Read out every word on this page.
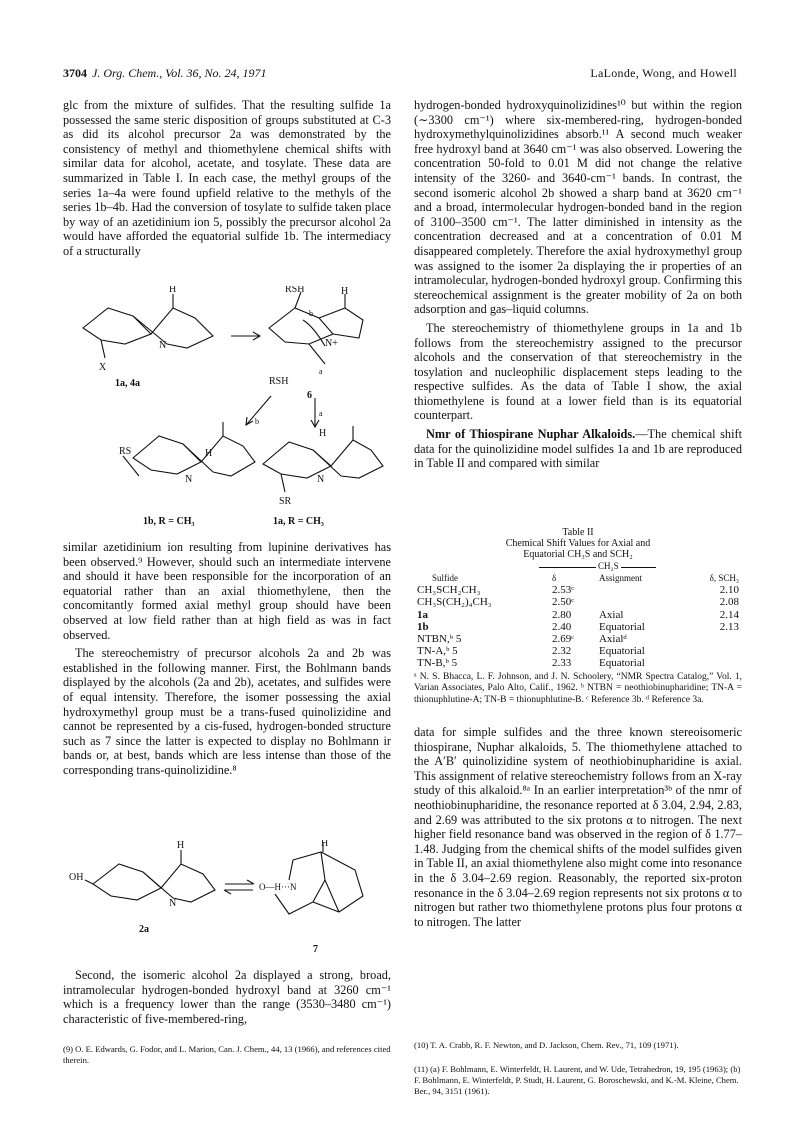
3704 J. Org. Chem., Vol. 36, No. 24, 1971	LaLonde, Wong, and Howell

glc from the mixture of sulfides. That the resulting sulfide 1a possessed the same steric disposition of groups substituted at C-3 as did its alcohol precursor 2a was demonstrated by the consistency of methyl and thiomethylene chemical shifts with similar data for alcohol, acetate, and tosylate. These data are summarized in Table I. In each case, the methyl groups of the series 1a–4a were found upfield relative to the methyls of the series 1b–4b. Had the conversion of tosylate to sulfide taken place by way of an azetidinium ion 5, possibly the precursor alcohol 2a would have afforded the equatorial sulfide 1b. The intermediacy of a structurally

H
N
X
RSH	H
b
N+
a
RSH
a
b
H
N
RS
H
N
SR
1a, 4a
6
1b, R = CH₃	1a, R = CH₃

similar azetidinium ion resulting from lupinine derivatives has been observed.⁹ However, should such an intermediate intervene and should it have been responsible for the incorporation of an equatorial rather than an axial thiomethylene, then the concomitantly formed axial methyl group should have been observed at low field rather than at high field as was in fact observed.

The stereochemistry of precursor alcohols 2a and 2b was established in the following manner. First, the Bohlmann bands displayed by the alcohols (2a and 2b), acetates, and sulfides were of equal intensity. Therefore, the isomer possessing the axial hydroxymethyl group must be a trans-fused quinolizidine and cannot be represented by a cis-fused, hydrogen-bonded structure such as 7 since the latter is expected to display no Bohlmann ir bands or, at best, bands which are less intense than those of the corresponding trans-quinolizidine.⁸

OH
H
N
H
O—H···N
2a
7

Second, the isomeric alcohol 2a displayed a strong, broad, intramolecular hydrogen-bonded hydroxyl band at 3260 cm⁻¹ which is a frequency lower than the range (3530–3480 cm⁻¹) characteristic of five-membered-ring,

(9) O. E. Edwards, G. Fodor, and L. Marion, Can. J. Chem., 44, 13 (1966), and references cited therein.

hydrogen-bonded hydroxyquinolizidines¹⁰ but within the region (∼3300 cm⁻¹) where six-membered-ring, hydrogen-bonded hydroxymethylquinolizidines absorb.¹¹ A second much weaker free hydroxyl band at 3640 cm⁻¹ was also observed. Lowering the concentration 50-fold to 0.01 M did not change the relative intensity of the 3260- and 3640-cm⁻¹ bands. In contrast, the second isomeric alcohol 2b showed a sharp band at 3620 cm⁻¹ and a broad, intermolecular hydrogen-bonded band in the region of 3100–3500 cm⁻¹. The latter diminished in intensity as the concentration decreased and at a concentration of 0.01 M disappeared completely. Therefore the axial hydroxymethyl group was assigned to the isomer 2a displaying the ir properties of an intramolecular, hydrogen-bonded hydroxyl group. Confirming this stereochemical assignment is the greater mobility of 2a on both adsorption and gas–liquid columns.

The stereochemistry of thiomethylene groups in 1a and 1b follows from the stereochemistry assigned to the precursor alcohols and the conservation of that stereochemistry in the tosylation and nucleophilic displacement steps leading to the respective sulfides. As the data of Table I show, the axial thiomethylene is found at a lower field than is its equatorial counterpart.

Nmr of Thiospirane Nuphar Alkaloids.—The chemical shift data for the quinolizidine model sulfides 1a and 1b are reproduced in Table II and compared with similar

Table II
Chemical Shift Values for Axial and
Equatorial CH₃S and SCH₂
CH₂S
Sulfide	δ	Assignment	δ, SCH₃
CH₃SCH₂CH₃	2.53ᶜ		2.10
CH₃S(CH₂)₄CH₃	2.50ᶜ		2.08
1a	2.80	Axial	2.14
1b	2.40	Equatorial	2.13
NTBN,ᵇ 5	2.69ᶜ	Axialᵈ	
TN-A,ᵇ 5	2.32	Equatorial	
TN-B,ᵇ 5	2.33	Equatorial	
ᵃ N. S. Bhacca, L. F. Johnson, and J. N. Schoolery, “NMR Spectra Catalog,” Vol. 1, Varian Associates, Palo Alto, Calif., 1962. ᵇ NTBN = neothiobinupharidine; TN-A = thionuphlutine-A; TN-B = thionuphlutine-B. ᶜ Reference 3b. ᵈ Reference 3a.

data for simple sulfides and the three known stereoisomeric thiospirane, Nuphar alkaloids, 5. The thiomethylene attached to the A′B′ quinolizidine system of neothiobinupharidine is axial. This assignment of relative stereochemistry follows from an X-ray study of this alkaloid.⁸ᵃ In an earlier interpretation³ᵇ of the nmr of neothiobinupharidine, the resonance reported at δ 3.04, 2.94, 2.83, and 2.69 was attributed to the six protons α to nitrogen. The next higher field resonance band was observed in the region of δ 1.77–1.48. Judging from the chemical shifts of the model sulfides given in Table II, an axial thiomethylene also might come into resonance in the δ 3.04–2.69 region. Reasonably, the reported six-proton resonance in the δ 3.04–2.69 region represents not six protons α to nitrogen but rather two thiomethylene protons plus four protons α to nitrogen. The latter

(10) T. A. Crabb, R. F. Newton, and D. Jackson, Chem. Rev., 71, 109 (1971).
(11) (a) F. Bohlmann, E. Winterfeldt, H. Laurent, and W. Ude, Tetrahedron, 19, 195 (1963); (b) F. Bohlmann, E. Winterfeldt, P. Studt, H. Laurent, G. Boroschewski, and K.-M. Kleine, Chem. Ber., 94, 3151 (1961).
